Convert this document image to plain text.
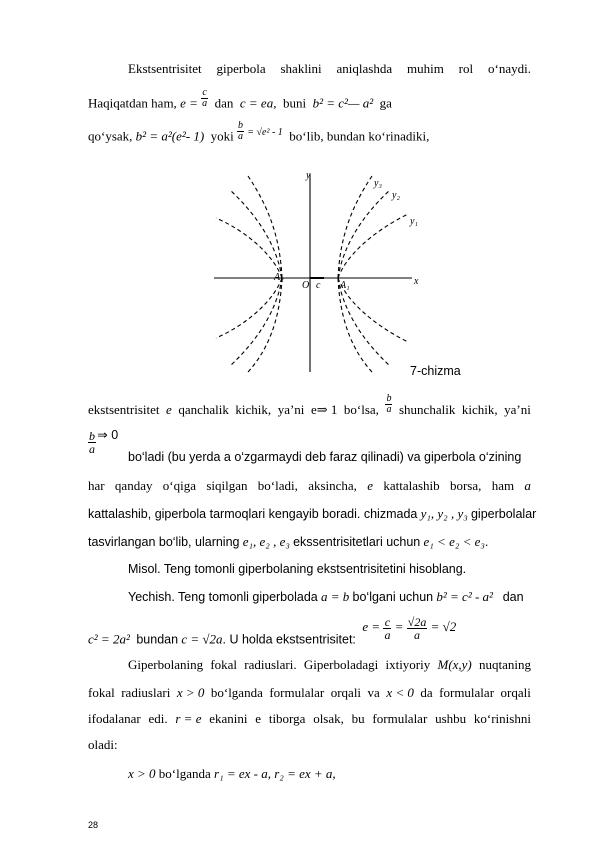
Ekstsentrisitet giperbola shaklini aniqlashda muhim rol o‘naydi.
Haqiqatdan ham, $e = \frac{c}{a}$ dan c = ea, buni b² = c²— a² ga
qo‘ysak, b² = a²(e²- 1) yoki $\frac{b}{a} ^{= √e^2 - 1}$ bo‘lib, bundan ko‘rinadiki,
y
x
O c A₁
A₂
y₃
y₂
y₁
7-chizma
ekstsentrisitet e qanchalik kichik, ya’ni e⇒ 1 bo‘lsa, $\frac{b}{a}$ shunchalik kichik, ya’ni
$\frac{b}{a}$ ⇒ 0
bo‘ladi (bu yerda a o‘zgarmaydi deb faraz qilinadi) va giperbola o‘zining
har qanday o‘qiga siqilgan bo‘ladi, aksincha, e kattalashib borsa, ham a
kattalashib, giperbola tarmoqlari kengayib boradi. chizmada y₁, y₂ , y₃ giperbolalar
tasvirlangan bo‘lib, ularning e₁, e₂ , e₃ ekssentrisitetlari uchun e₁ < e₂ < e₃.
Misol. Teng tomonli giperbolaning ekstsentrisitetini hisoblang.
Yechish. Teng tomonli giperbolada a = b bo‘lgani uchun b² = c² - a² dan
c² = 2a² bundan c = √2a. U holda ekstsentrisitet:  $e = \frac{c}{a} = \frac{√2a}{a} = √2$
Giperbolaning fokal radiuslari. Giperboladagi ixtiyoriy M(x,y) nuqtaning
fokal radiuslari x > 0 bo‘lganda formulalar orqali va x < 0 da formulalar orqali
ifodalanar edi. r = e ekanini e tiborga olsak, bu formulalar ushbu ko‘rinishni
oladi:
x > 0 bo‘lganda r₁ = ex - a, r₂ = ex + a,
28
